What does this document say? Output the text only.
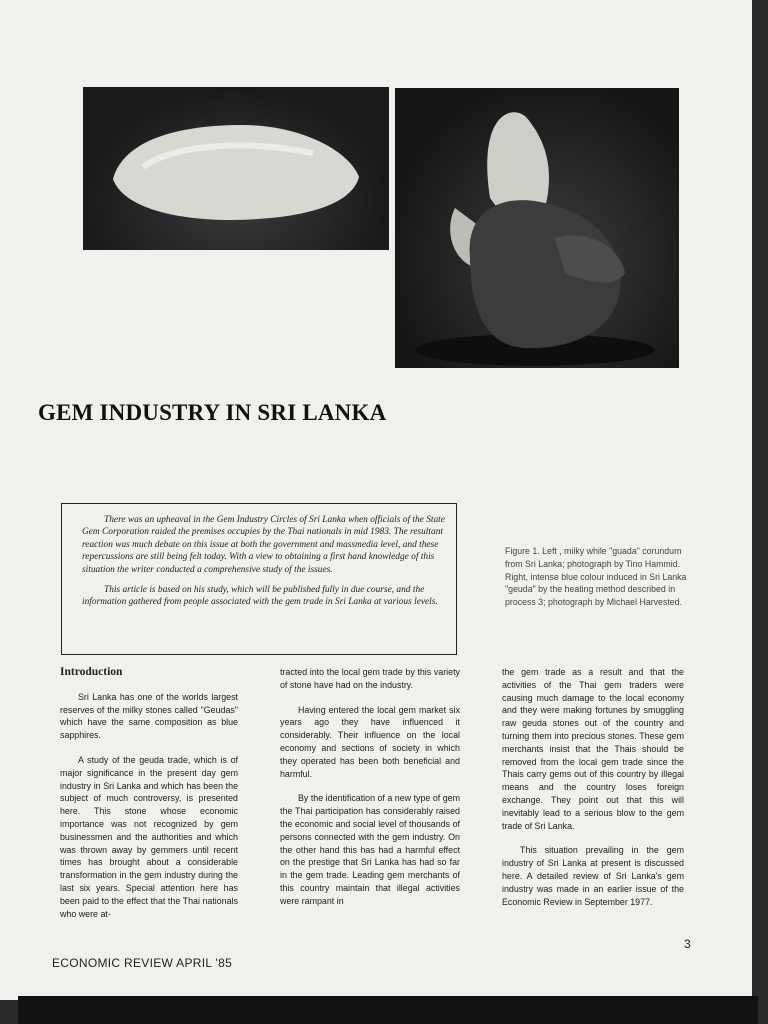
GEM INDUSTRY IN SRI LANKA

There was an upheaval in the Gem Industry Circles of Sri Lanka when officials of the State Gem Corporation raided the premises occupies by the Thai nationals in mid 1983. The resultant reaction was much debate on this issue at both the government and massmedia level, and these repercussions are still being felt today. With a view to obtaining a first hand knowledge of this situation the writer conducted a comprehensive study of the issues.

This article is based on his study, which will be published fully in due course, and the information gathered from people associated with the gem trade in Sri Lanka at various levels.

Figure 1. Left , milky while "guada" corundum from Sri Lanka; photograph by Tino Hammid. Right, intense blue colour induced in Sri Lanka "geuda" by the heating method described in process 3; photograph by Michael Harvested.
Introduction

Sri Lanka has one of the worlds largest reserves of the milky stones called "Geudas" which have the same composition as blue sapphires.

A study of the geuda trade, which is of major significance in the present day gem industry in Sri Lanka and which has been the subject of much controversy, is presented here. This stone whose economic importance was not recognized by gem businessmen and the authorities and which was thrown away by gemmers until recent times has brought about a considerable transformation in the gem industry during the last six years. Special attention here has been paid to the effect that the Thai nationals who were at-

tracted into the local gem trade by this variety of stone have had on the industry.

Having entered the local gem market six years ago they have influenced it considerably. Their influence on the local economy and sections of society in which they operated has been both beneficial and harmful.

By the identification of a new type of gem the Thai participation has considerably raised the economic and social level of thousands of persons connected with the gem industry. On the other hand this has had a harmful effect on the prestige that Sri Lanka has had so far in the gem trade. Leading gem merchants of this country maintain that illegal activities were rampant in

the gem trade as a result and that the activities of the Thai gem traders were causing much damage to the local economy and they were making fortunes by smuggling raw geuda stones out of the country and turning them into precious stones. These gem merchants insist that the Thais should be removed from the local gem trade since the Thais carry gems out of this country by illegal means and the country loses foreign exchange. They point out that this will inevitably lead to a serious blow to the gem trade of Sri Lanka.

This situation prevailing in the gem industry of Sri Lanka at present is discussed here. A detailed review of Sri Lanka's gem industry was made in an earlier issue of the Economic Review in September 1977.

3
ECONOMIC REVIEW APRIL '85
